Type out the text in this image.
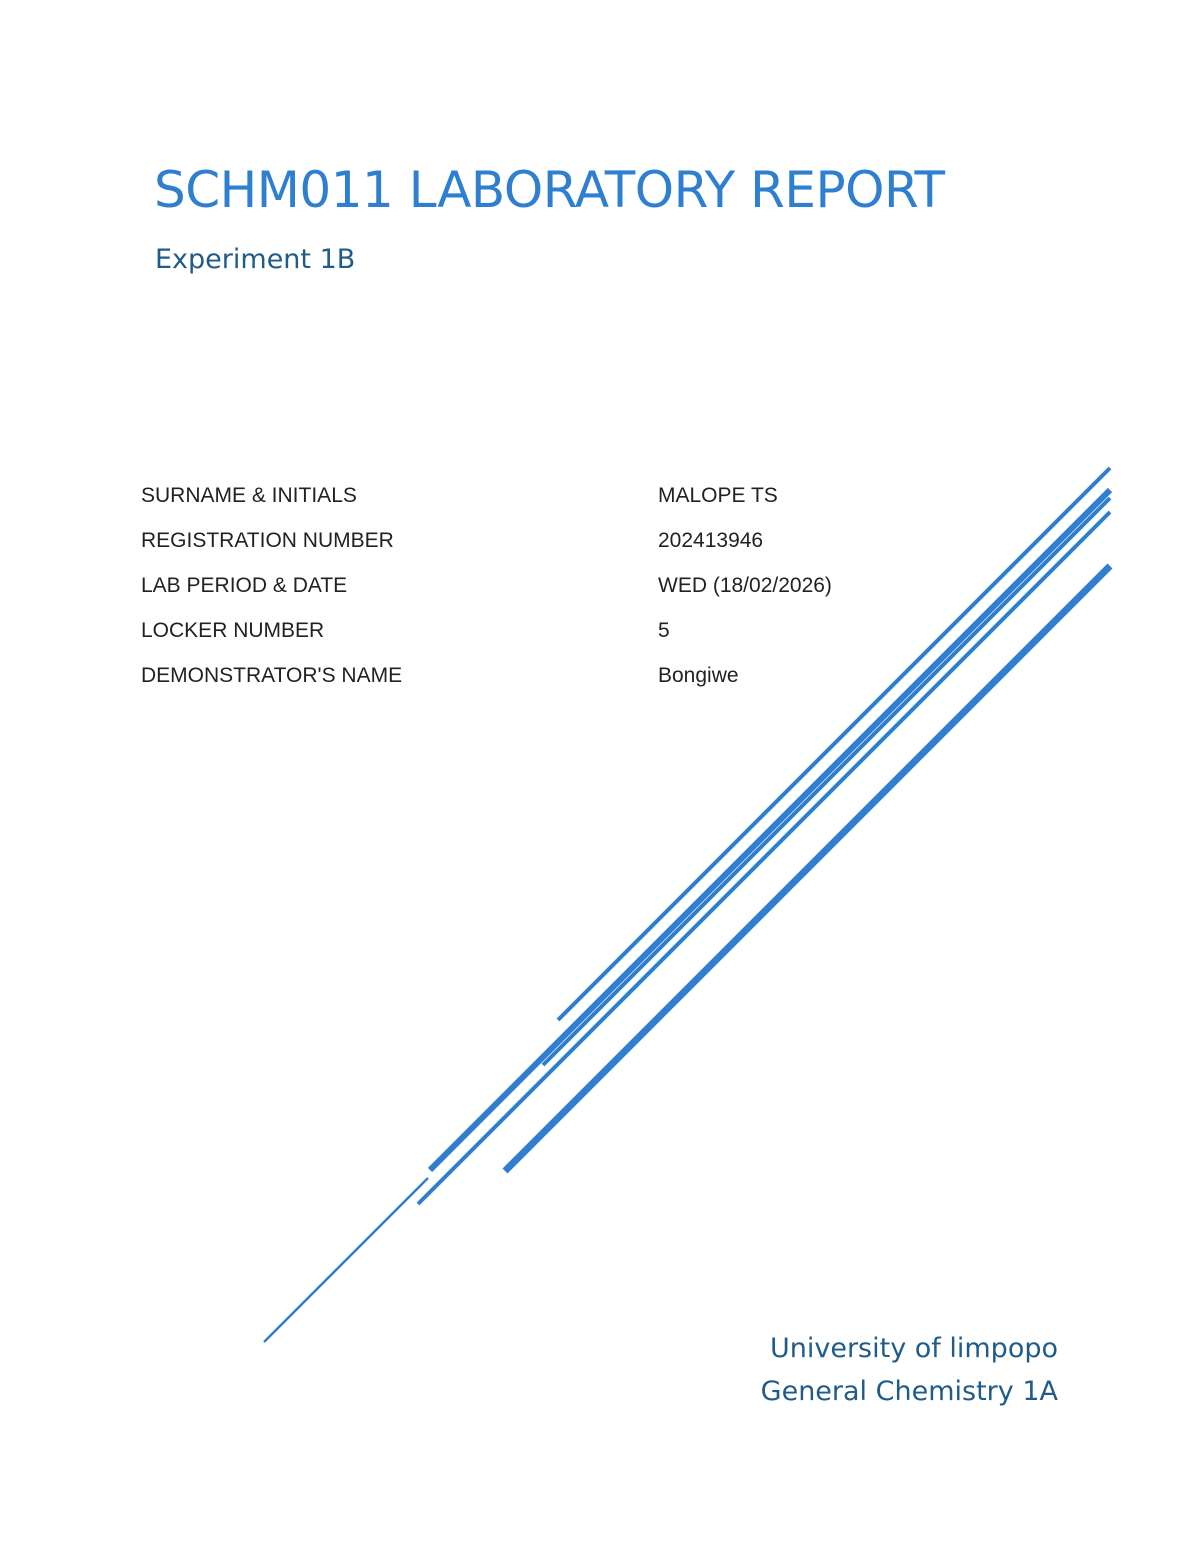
SCHM011 LABORATORY REPORT
Experiment 1B
SURNAME & INITIALS	MALOPE TS
REGISTRATION NUMBER	202413946
LAB PERIOD & DATE	WED (18/02/2026)
LOCKER NUMBER	5
DEMONSTRATOR'S NAME	Bongiwe
University of limpopo
General Chemistry 1A
